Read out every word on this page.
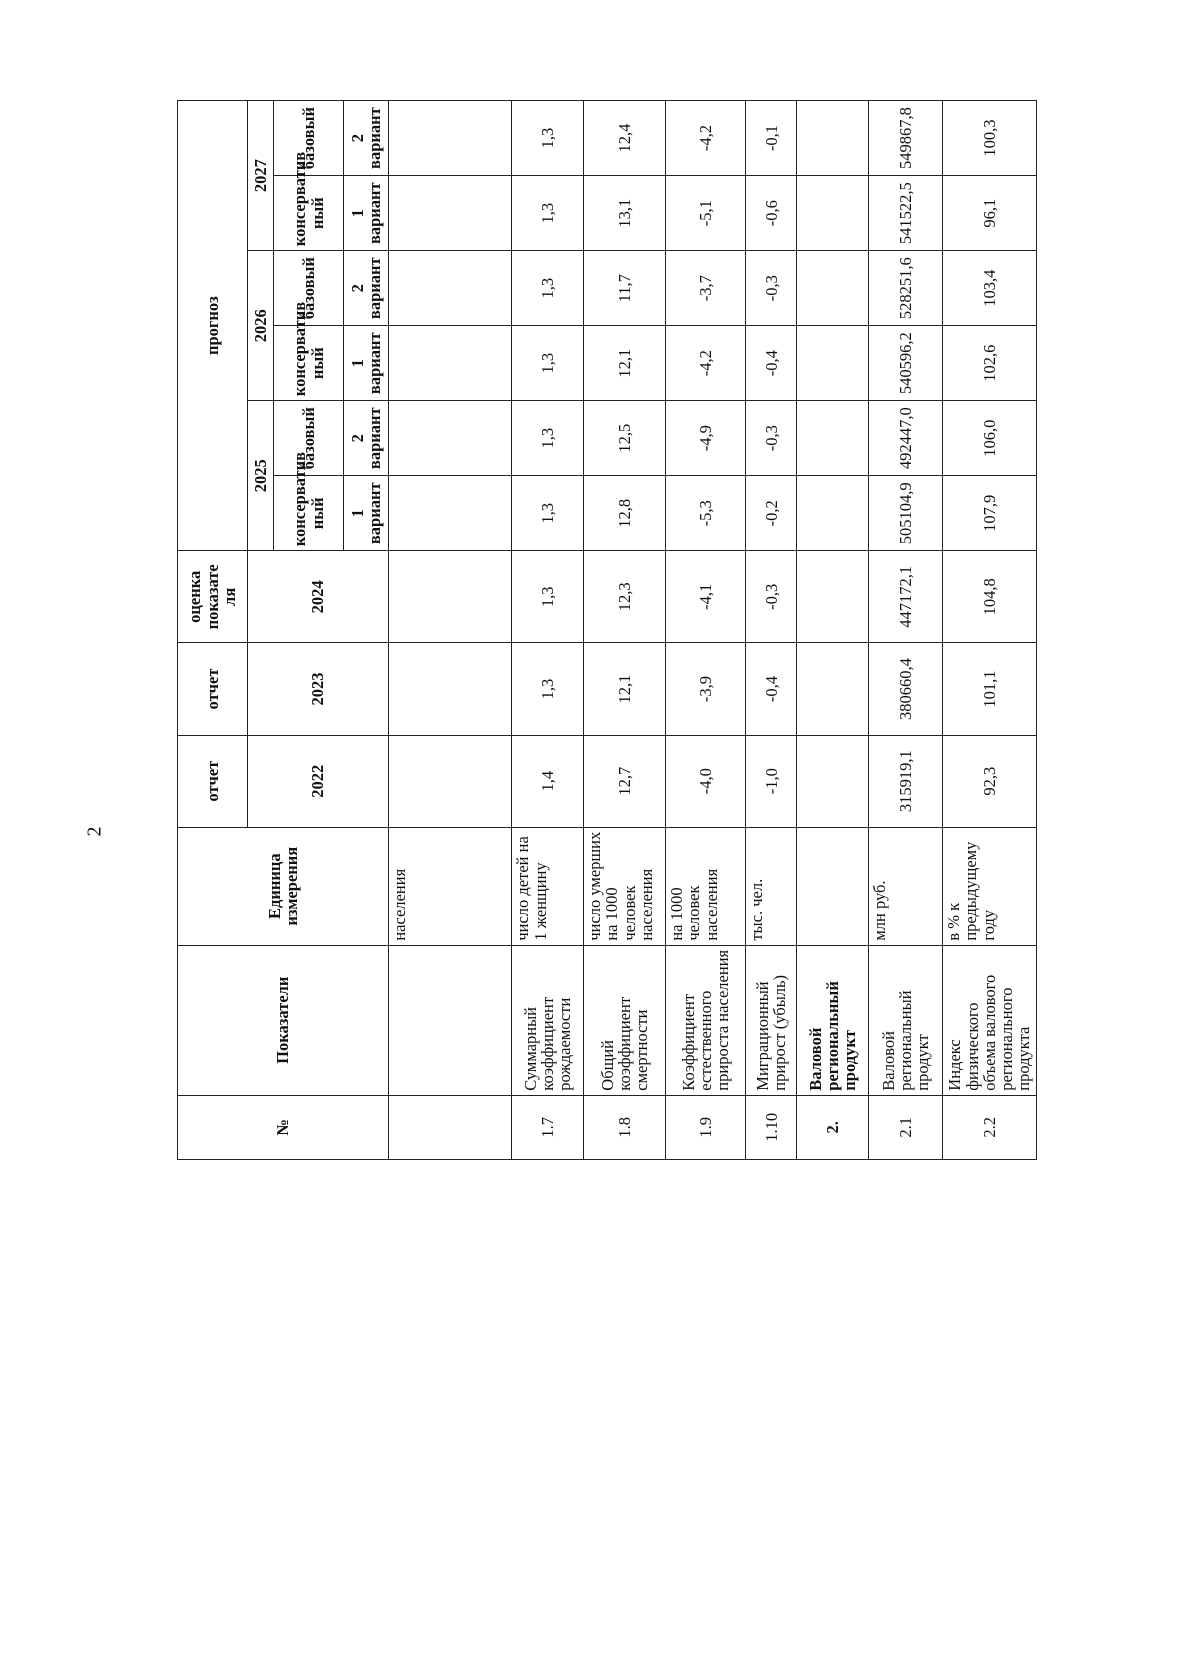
2
№	Показатели	Единица измерения	отчет	отчет	оценка показате ля	прогноз					
			2022	2023	2024	2025		2026		2027	
						консерватив ный	базовый	консерватив ный	базовый	консерватив ный	базовый
						1 вариант	2 вариант	1 вариант	2 вариант	1 вариант	2 вариант
		населения									
1.7	Суммарный коэффициент рождаемости	число детей на 1 женщину	1,4	1,3	1,3	1,3	1,3	1,3	1,3	1,3	1,3
1.8	Общий коэффициент смертности	число умерших на 1000 человек населения	12,7	12,1	12,3	12,8	12,5	12,1	11,7	13,1	12,4
1.9	Коэффициент естественного прироста населения	на 1000 человек населения	-4,0	-3,9	-4,1	-5,3	-4,9	-4,2	-3,7	-5,1	-4,2
1.10	Миграционный прирост (убыль)	тыс. чел.	-1,0	-0,4	-0,3	-0,2	-0,3	-0,4	-0,3	-0,6	-0,1
2.	Валовой региональный продукт										
2.1	Валовой региональный продукт	млн руб.	315919,1	380660,4	447172,1	505104,9	492447,0	540596,2	528251,6	541522,5	549867,8
2.2	Индекс физического объема валового регионального продукта	в % к предыдущему году	92,3	101,1	104,8	107,9	106,0	102,6	103,4	96,1	100,3
